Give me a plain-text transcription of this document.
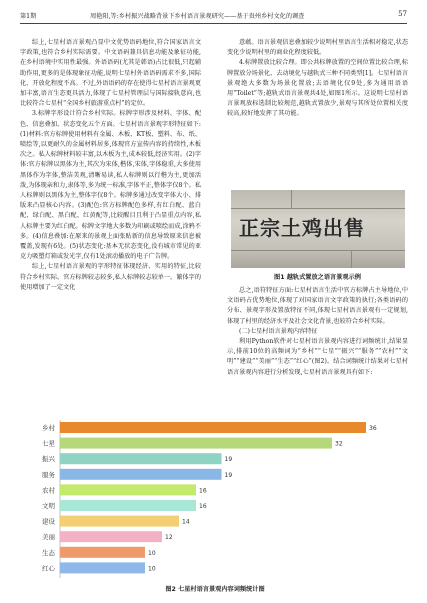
第1期	周艳阳,等:乡村振兴战略背景下乡村语言景观研究——基于贵州乡村文化的调查	57

综上,七星村语言景观凸显中文优势语码地位,符合国家语言文字政策,也符合乡村实际需要。中文语码兼具信息功能及象征功能,在乡村语境中实用性最强。外语语码(尤其是韩语)占比很低,只起辅助作用,更多的是体现象征功能,说明七星村外语语码需求不多,国际化、开放化程度不高。不过,外语语码的存在使得七星村语言景观更加丰富,语言生态更具活力,体现了七星村管理层与国际接轨意向,也比较符合七星村“全国乡村旅游重点村”的定位。

3.标牌字形设计符合乡村实际。标牌字形涉及材料、字体、配色、信息叠加、状态变化五个方面。七星村语言景观字形特征如下:(1)材料:官方标牌使用材料有金属、木板、KT板、塑料、布、纸、喷绘等,以更耐久的金属材料居多,体现官方宣传内容的持续性,木板次之。私人标牌材料较丰富,以木板为主,成本较低,经济实用。(2)字体:官方标牌以黑体为主,其次为宋体,楷体,宋体,字体稳重,大多使用黑体作为字体,整洁美观,清晰易读,私人标牌则以行楷为主,更加活泼,为体现亲和力,隶体等,多为统一标准,字体平正,整体字仅8个。私人标牌则以黑体为主,整体字仅8个。标牌多通过改变字体大小、排版来凸显核心内容。(3)配色:官方标牌配色多样,有红白配、蓝白配、绿白配、黑白配、红黄配等,比较醒目且利于凸显重点内容,私人标牌主要为红白配。标牌文字地大多数为印刷或喷绘而成,涂鸦不多。(4)信息叠加:在原来的景观上面张贴新的信息导致原来信息被覆盖,发现有6处。(5)状态变化:基本无状态变化,没有城市常见的亚克力吸塑灯箱或发光字,仅有1处滚动播放的电子广告牌。

综上,七星村语言景观的字形特征体现经济、实用的特征,比较符合乡村实际。官方标牌较志较多,私人标牌较志较单一。繁体字的使用增加了一定文化

意蕴。语言景观信息叠加较少说明村里语言生活相对稳定,状态变化少说明村里的商业化程度较低。

4.标牌置放比较合理。即公共标牌放置的空间位置比较合理,标牌置放分场景化、去动境化与越轨式三种不同类型[1]。七星村语言景观绝大多数为场景化置放;去语境化仅9处,多为通用语语用“Toilet”等;越轨式语言景观共4处,如图1所示。这说明七星村语言景观放标选制比较规范,越轨式置放少,景观与其所处位置相关度较高,较好地发挥了其功能。

正宗土鸡出售
图1 越轨式置放之语言景观示例

总之,语符特征方面:七星村语言生活中官方标牌占主导地位,中文语码占优势地位,体现了对国家语言文字政策的执行;各类语码的分布、景观字形及置放特征不同,体现七星村语言景观有一定规划,体现了村里的经济水平及社会文化背景,也较符合乡村实际。

(二)七星村语言景观内容特征

利用Python软件对七星村语言景观内容进行词频统计,结果显示,排前10位的高频词为“乡村”“七星”“振兴”“服务”“农村”“文明”“建设”“美丽”“生态”“红心”(图2)。结合词频统计结果对七星村语言景观内容进行分析发现,七星村语言景观具有如下:

乡村	36
七星	32
振兴	19
服务	19
农村	16
文明	16
建设	14
美丽	12
生态	10
红心	10
图2 七星村语言景观内容词频统计图
